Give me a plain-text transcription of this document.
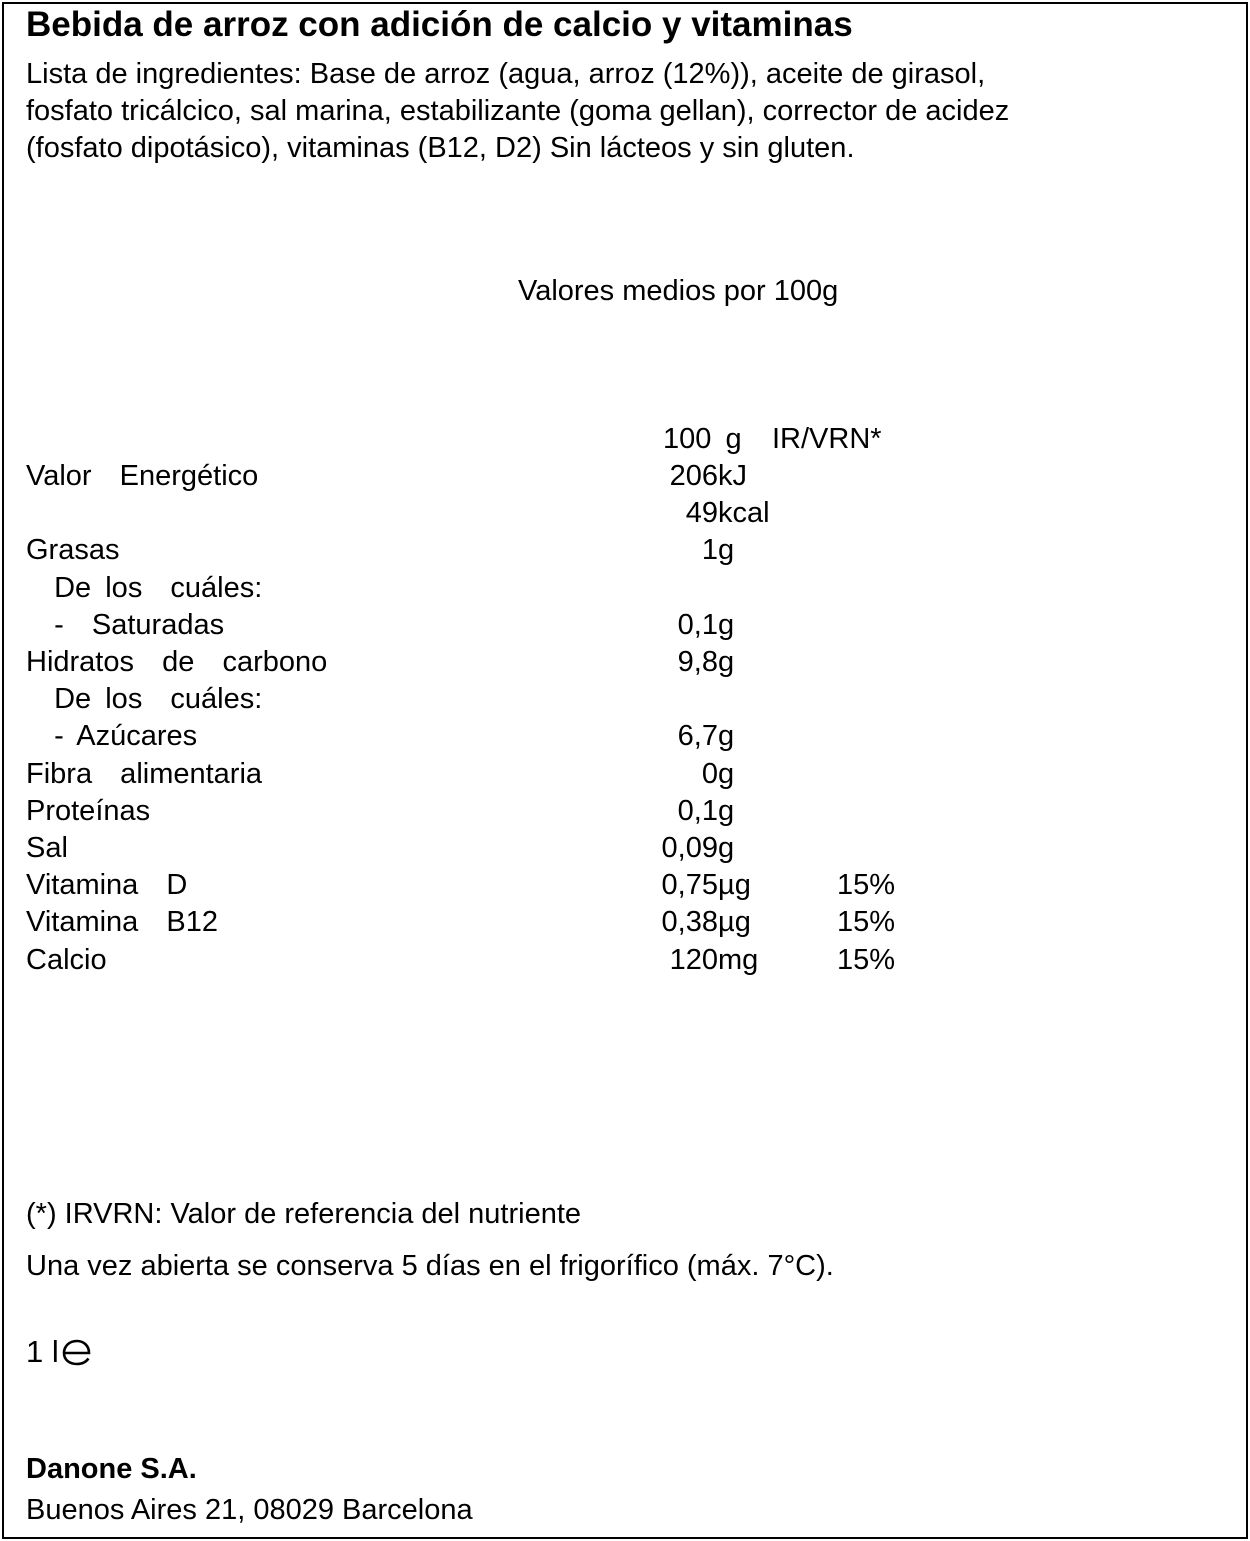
Bebida de arroz con adición de calcio y vitaminas
Lista de ingredientes: Base de arroz (agua, arroz (12%)), aceite de girasol,
fosfato tricálcico, sal marina, estabilizante (goma gellan), corrector de acidez
(fosfato dipotásico), vitaminas (B12, D2) Sin lácteos y sin gluten.
Valores medios por 100g
100 g IR/VRN*
Valor  Energético	206 kJ
49 kcal
Grasas	1 g
De los  cuáles:
-  Saturadas	0,1 g
Hidratos  de  carbono	9,8 g
De los  cuáles:
- Azúcares	6,7 g
Fibra  alimentaria	0 g
Proteínas	0,1 g
Sal	0,09 g
Vitamina  D	0,75 µg	15%
Vitamina  B12	0,38 µg	15%
Calcio	120 mg	15%
(*) IRVRN: Valor de referencia del nutriente
Una vez abierta se conserva 5 días en el frigorífico (máx. 7°C).
1 l
Danone S.A.
Buenos Aires 21, 08029 Barcelona
